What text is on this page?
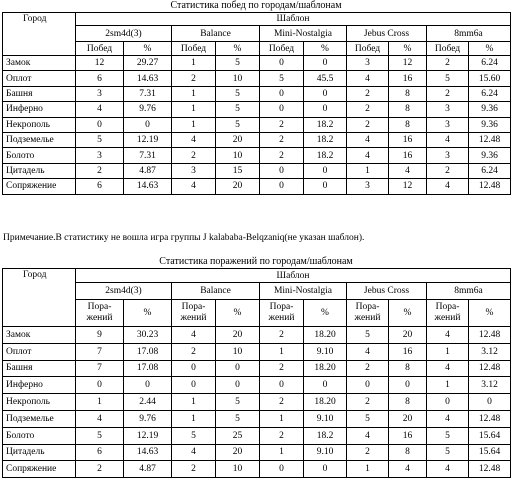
Статистика побед по городам/шаблонам
Город	Шаблон									
	2sm4d(3)		Balance		Mini-Nostalgia		Jebus Cross		8mm6a	
	Побед	%	Побед	%	Побед	%	Побед	%	Побед	%
Замок	12	29.27	1	5	0	0	3	12	2	6.24
Оплот	6	14.63	2	10	5	45.5	4	16	5	15.60
Башня	3	7.31	1	5	0	0	2	8	2	6.24
Инферно	4	9.76	1	5	0	0	2	8	3	9.36
Некрополь	0	0	1	5	2	18.2	2	8	3	9.36
Подземелье	5	12.19	4	20	2	18.2	4	16	4	12.48
Болото	3	7.31	2	10	2	18.2	4	16	3	9.36
Цитадель	2	4.87	3	15	0	0	1	4	2	6.24
Сопряжение	6	14.63	4	20	0	0	3	12	4	12.48
Примечание.В статистику не вошла игра группы J kalababa-Belqzaniq(не указан шаблон).
Статистика поражений по городам/шаблонам
Город	Шаблон									
	2sm4d(3)		Balance		Mini-Nostalgia		Jebus Cross		8mm6a	
	Пора-жений	%	Пора-жений	%	Пора-жений	%	Пора-жений	%	Пора-жений	%
Замок	9	30.23	4	20	2	18.20	5	20	4	12.48
Оплот	7	17.08	2	10	1	9.10	4	16	1	3.12
Башня	7	17.08	0	0	2	18.20	2	8	4	12.48
Инферно	0	0	0	0	0	0	0	0	1	3.12
Некрополь	1	2.44	1	5	2	18.20	2	8	0	0
Подземелье	4	9.76	1	5	1	9.10	5	20	4	12.48
Болото	5	12.19	5	25	2	18.2	4	16	5	15.64
Цитадель	6	14.63	4	20	1	9.10	2	8	5	15.64
Сопряжение	2	4.87	2	10	0	0	1	4	4	12.48
